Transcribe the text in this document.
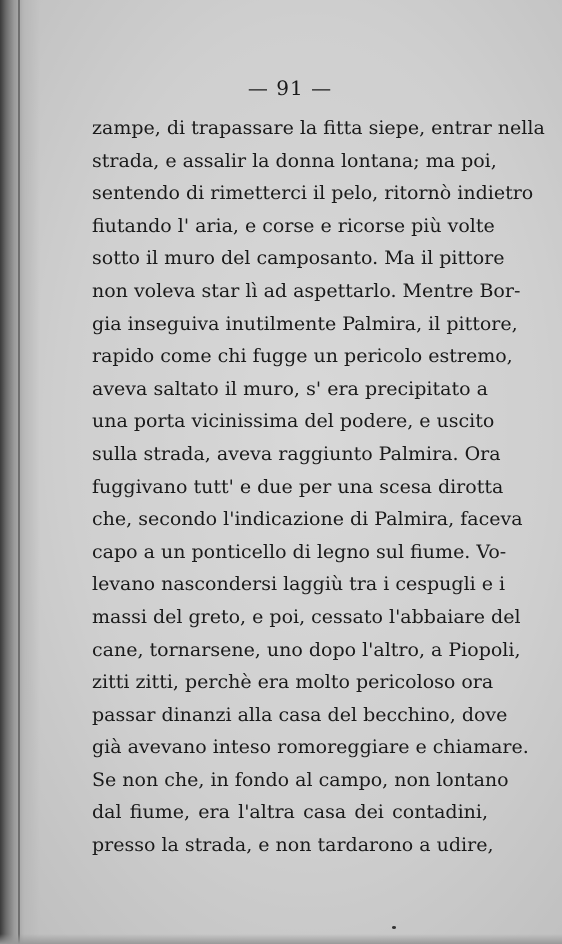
— 91 —
zampe, di trapassare la fitta siepe, entrar nella
strada, e assalir la donna lontana; ma poi,
sentendo di rimetterci il pelo, ritornò indietro
fiutando l' aria, e corse e ricorse più volte
sotto il muro del camposanto. Ma il pittore
non voleva star lì ad aspettarlo. Mentre Bor-
gia inseguiva inutilmente Palmira, il pittore,
rapido come chi fugge un pericolo estremo,
aveva saltato il muro, s' era precipitato a
una porta vicinissima del podere, e uscito
sulla strada, aveva raggiunto Palmira. Ora
fuggivano tutt' e due per una scesa dirotta
che, secondo l'indicazione di Palmira, faceva
capo a un ponticello di legno sul fiume. Vo-
levano nascondersi laggiù tra i cespugli e i
massi del greto, e poi, cessato l'abbaiare del
cane, tornarsene, uno dopo l'altro, a Piopoli,
zitti zitti, perchè era molto pericoloso ora
passar dinanzi alla casa del becchino, dove
già avevano inteso romoreggiare e chiamare.
Se non che, in fondo al campo, non lontano
dal fiume, era l'altra casa dei contadini,
presso la strada, e non tardarono a udire,
